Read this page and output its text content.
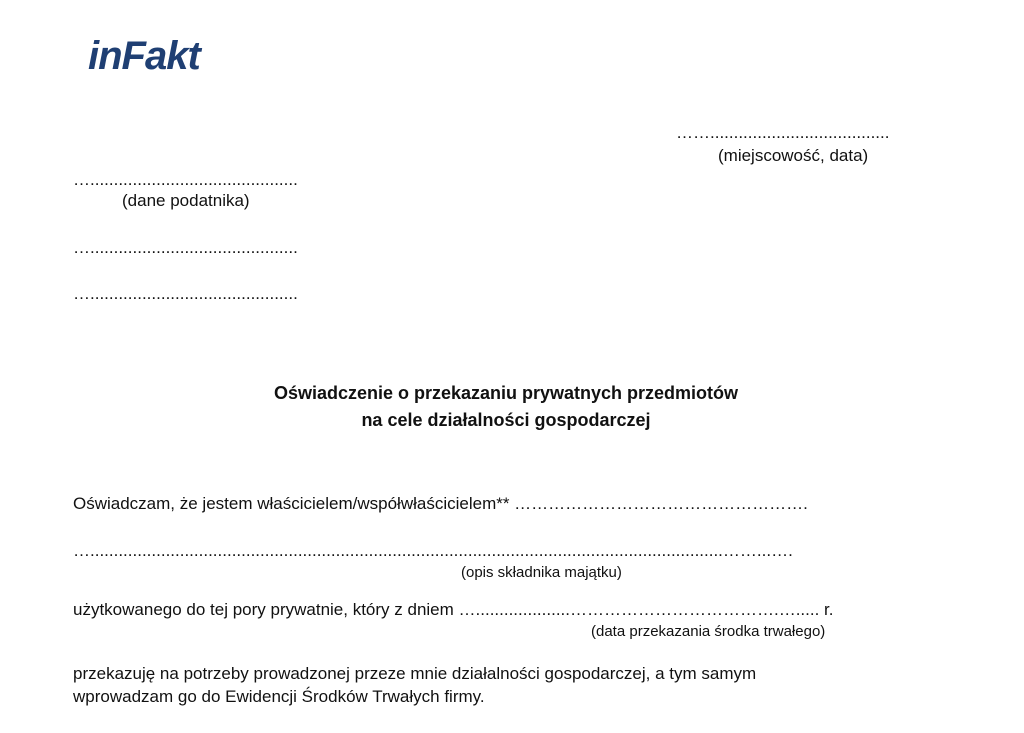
inFakt
……......................................
(miejscowość, data)
…............................................
(dane podatnika)
…............................................
…............................................
Oświadczenie o przekazaniu prywatnych przedmiotów
na cele działalności gospodarczej
Oświadczam, że jestem właścicielem/współwłaścicielem** …………………………………………….
…......................................................................................................................................……...….
(opis składnika majątku)
użytkowanego do tej pory prywatnie, który z dniem …....................……………………………….…..... r.
(data przekazania środka trwałego)
przekazuję na potrzeby prowadzonej przeze mnie działalności gospodarczej, a tym samym
wprowadzam go do Ewidencji Środków Trwałych firmy.
